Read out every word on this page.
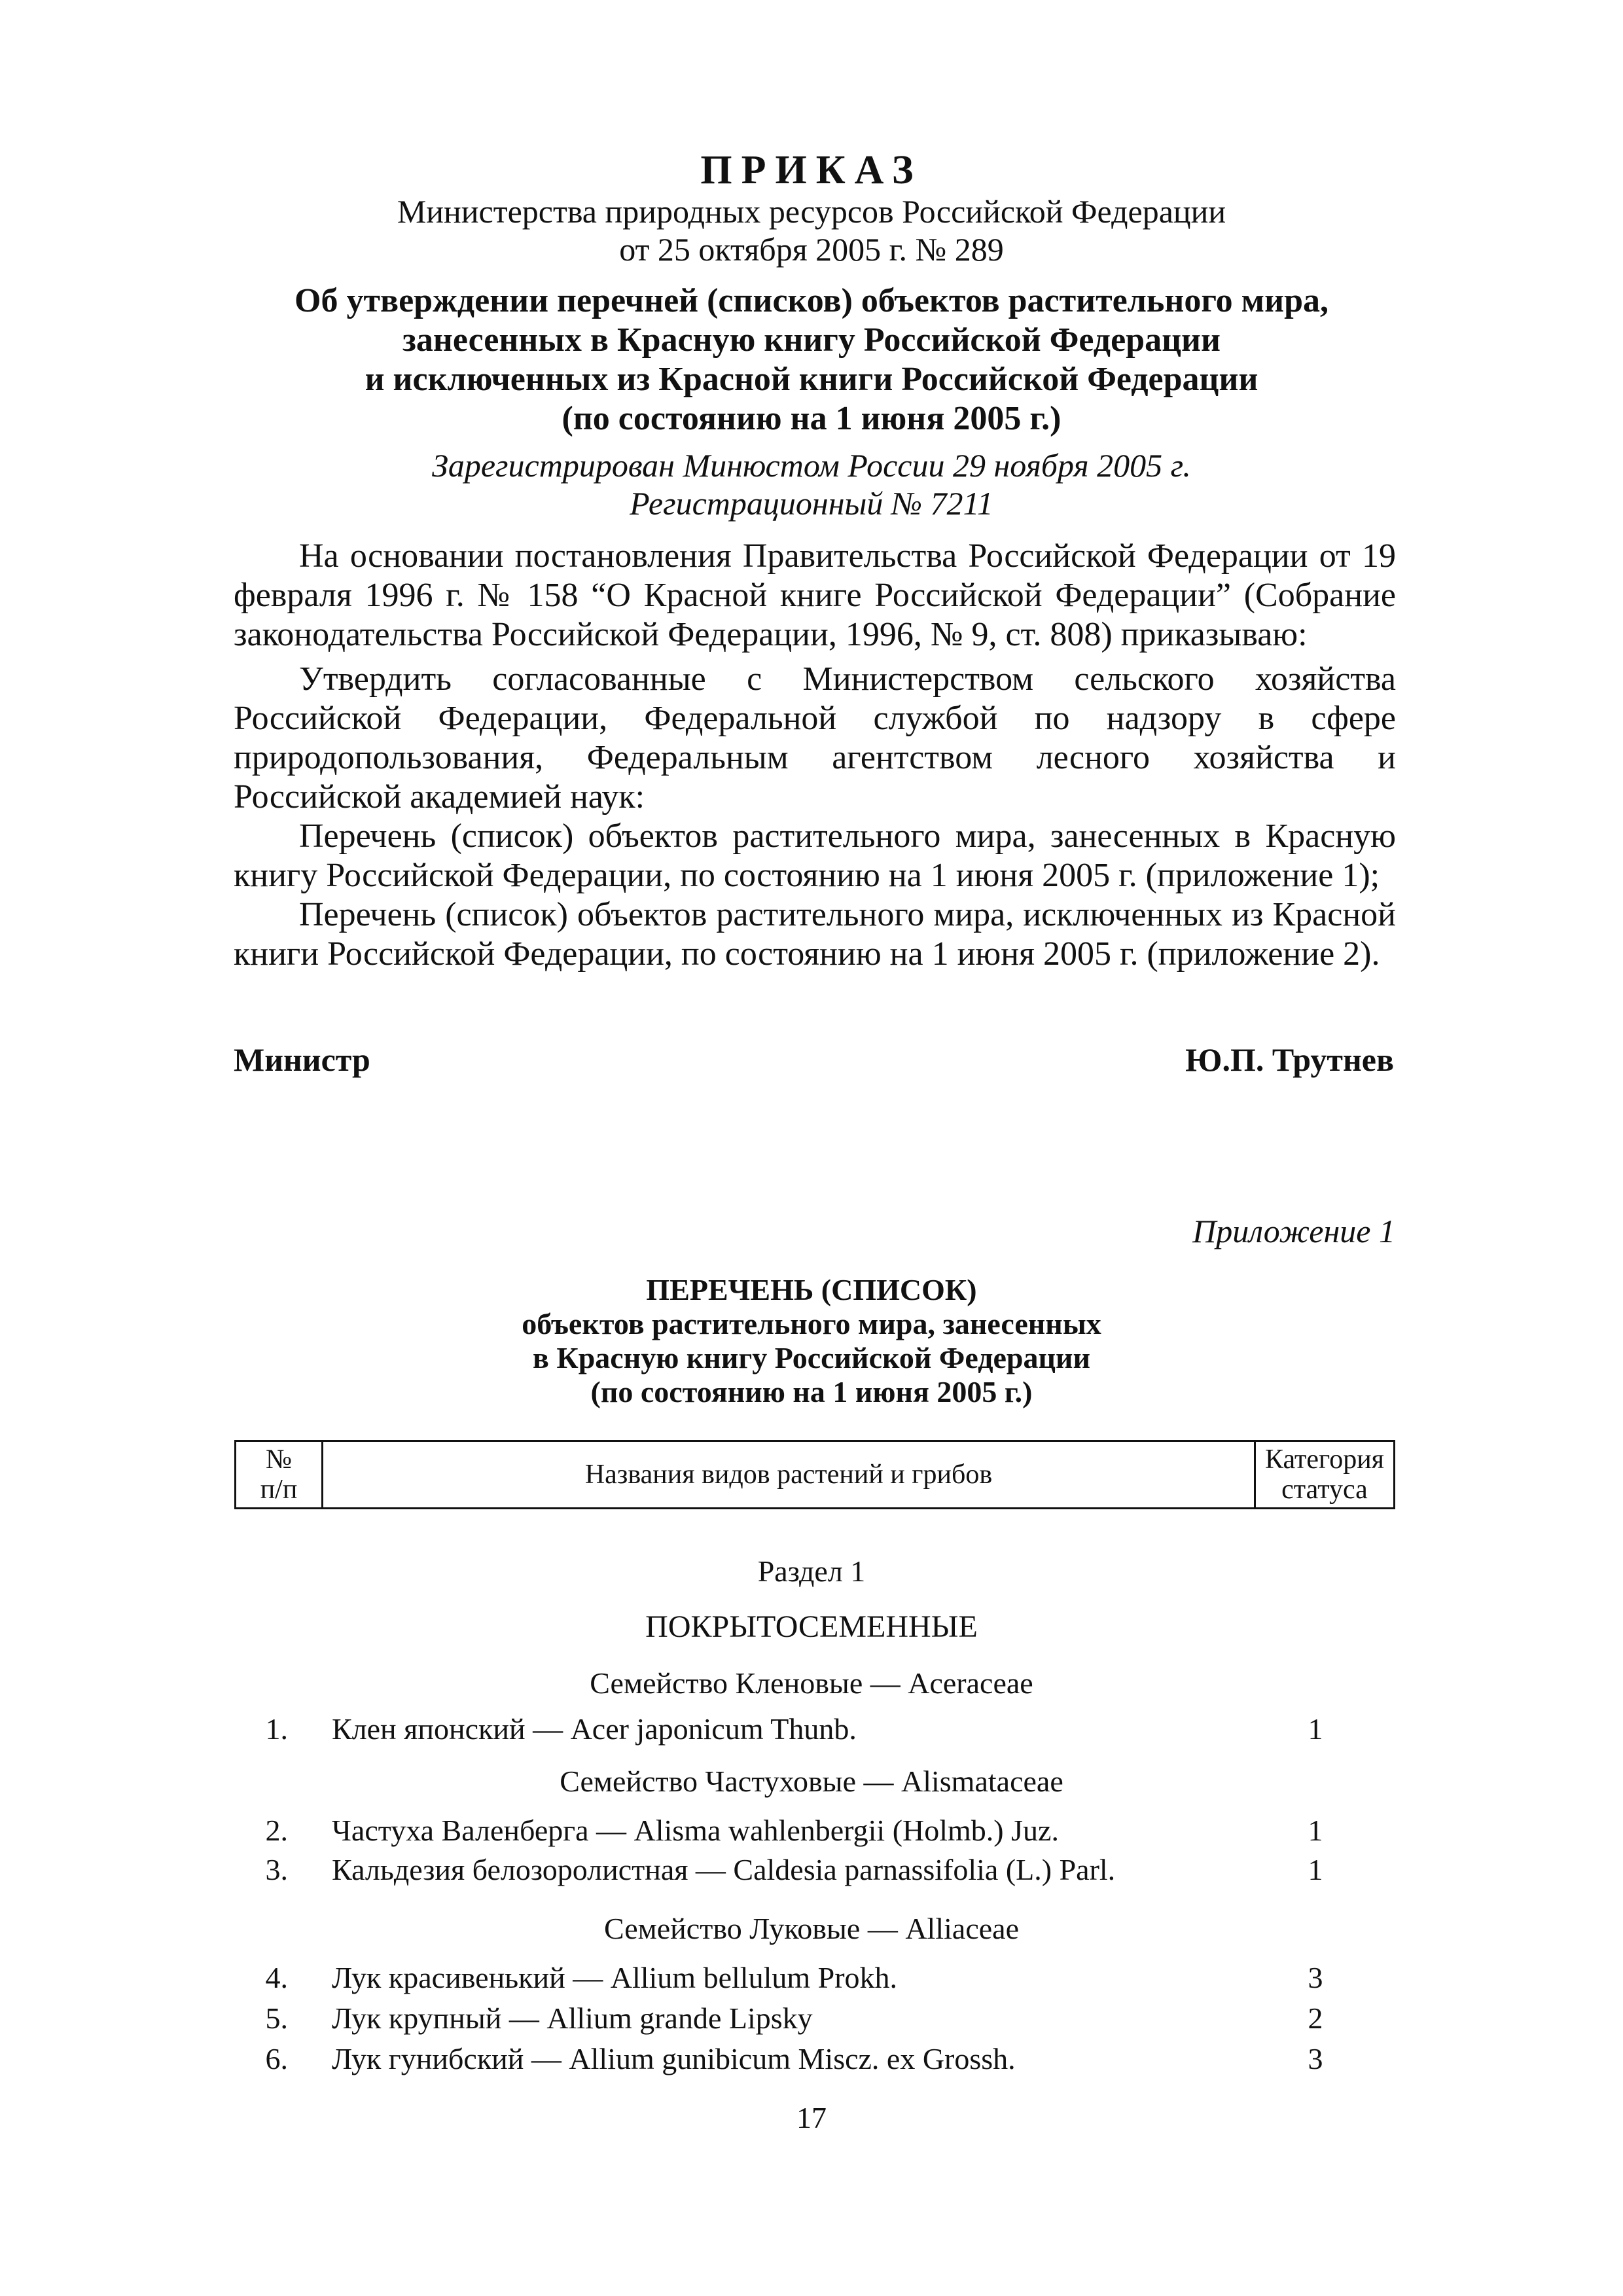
ПРИКАЗ
Министерства природных ресурсов Российской Федерации
от 25 октября 2005 г. № 289
Об утверждении перечней (списков) объектов растительного мира,
занесенных в Красную книгу Российской Федерации
и исключенных из Красной книги Российской Федерации
(по состоянию на 1 июня 2005 г.)
Зарегистрирован Минюстом России 29 ноября 2005 г.
Регистрационный № 7211

На основании постановления Правительства Российской Федерации от 19 февраля 1996 г. № 158 “О Красной книге Российской Федерации” (Собрание законодательства Российской Федерации, 1996, № 9, ст. 808) приказываю:

Утвердить согласованные с Министерством сельского хозяйства Российской Федерации, Федеральной службой по надзору в сфере природопользования, Федеральным агентством лесного хозяйства и Российской академией наук:

Перечень (список) объектов растительного мира, занесенных в Красную книгу Российской Федерации, по состоянию на 1 июня 2005 г. (приложение 1);

Перечень (список) объектов растительного мира, исключенных из Красной книги Российской Федерации, по состоянию на 1 июня 2005 г. (приложение 2).

Министр	Ю.П. Трутнев
Приложение 1
ПЕРЕЧЕНЬ (СПИСОК)
объектов растительного мира, занесенных
в Красную книгу Российской Федерации
(по состоянию на 1 июня 2005 г.)
№
п/п	Названия видов растений и грибов	Категория
статуса
Раздел 1
ПОКРЫТОСЕМЕННЫЕ
Семейство Кленовые — Aceraceae
1. Клен японский — Acer japonicum Thunb.	1
Семейство Частуховые — Alismataceae
2. Частуха Валенберга — Alisma wahlenbergii (Holmb.) Juz.	1
3. Кальдезия белозоролистная — Caldesia parnassifolia (L.) Parl.	1
Семейство Луковые — Alliaceae
4. Лук красивенький — Allium bellulum Prokh.	3
5. Лук крупный — Allium grande Lipsky	2
6. Лук гунибский — Allium gunibicum Miscz. ex Grossh.	3
17
